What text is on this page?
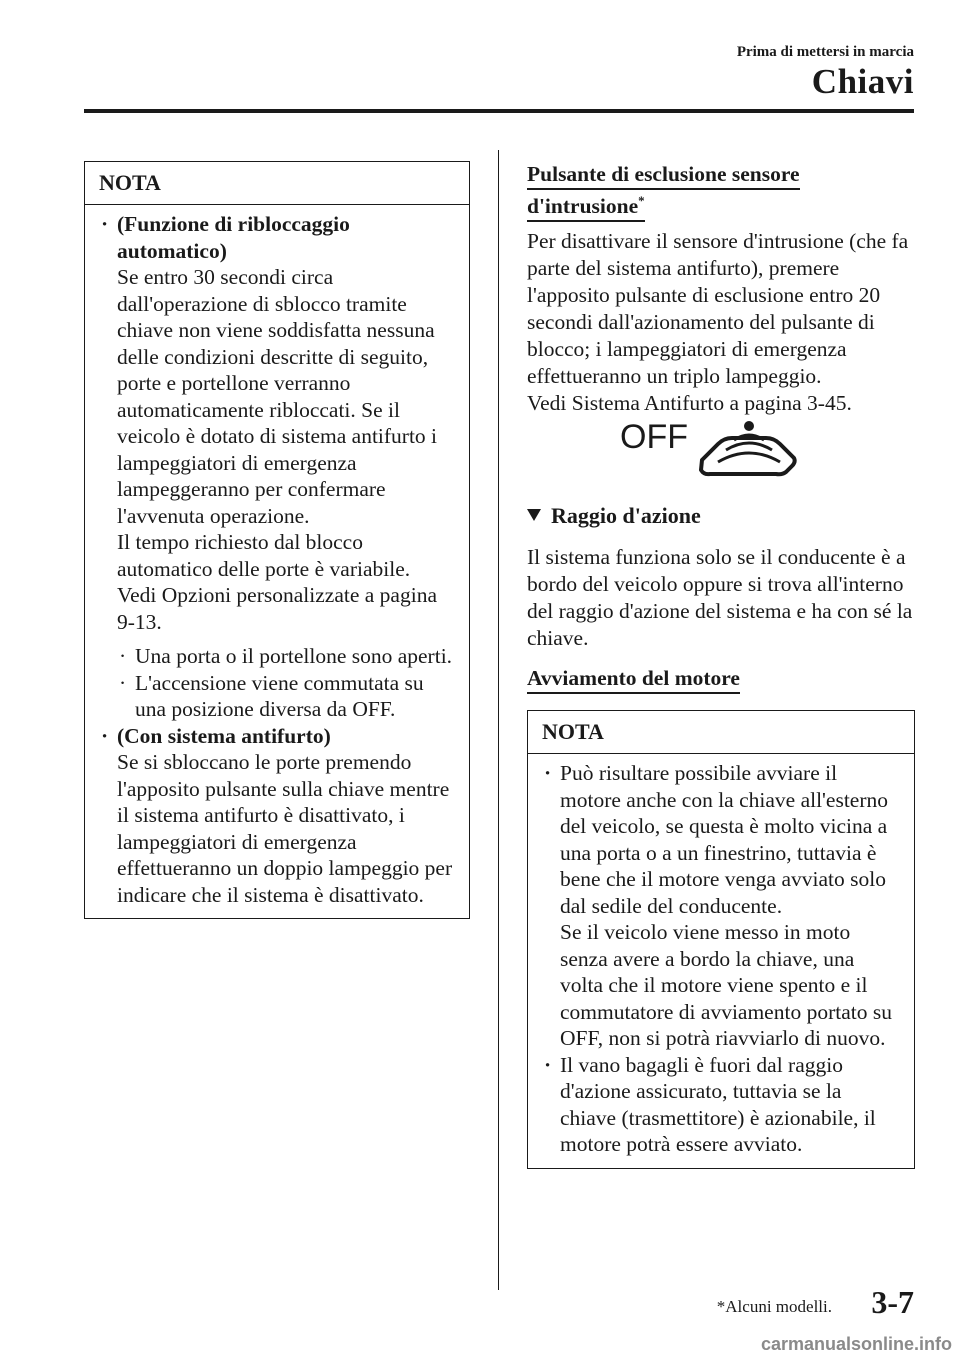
Prima di mettersi in marcia
Chiavi
NOTA
· (Funzione di ribloccaggio automatico)
Se entro 30 secondi circa dall'operazione di sblocco tramite chiave non viene soddisfatta nessuna delle condizioni descritte di seguito, porte e portellone verranno automaticamente ribloccati. Se il veicolo è dotato di sistema antifurto i lampeggiatori di emergenza lampeggeranno per confermare l'avvenuta operazione.
Il tempo richiesto dal blocco automatico delle porte è variabile.
Vedi Opzioni personalizzate a pagina 9-13.
· Una porta o il portellone sono aperti.
· L'accensione viene commutata su una posizione diversa da OFF.
· (Con sistema antifurto)
Se si sbloccano le porte premendo l'apposito pulsante sulla chiave mentre il sistema antifurto è disattivato, i lampeggiatori di emergenza effettueranno un doppio lampeggio per indicare che il sistema è disattivato.
Pulsante di esclusione sensore
d'intrusione*
Per disattivare il sensore d'intrusione (che fa parte del sistema antifurto), premere l'apposito pulsante di esclusione entro 20 secondi dall'azionamento del pulsante di blocco; i lampeggiatori di emergenza effettueranno un triplo lampeggio.
Vedi Sistema Antifurto a pagina 3-45.
OFF
Raggio d'azione
Il sistema funziona solo se il conducente è a bordo del veicolo oppure si trova all'interno del raggio d'azione del sistema e ha con sé la chiave.
Avviamento del motore
NOTA
· Può risultare possibile avviare il motore anche con la chiave all'esterno del veicolo, se questa è molto vicina a una porta o a un finestrino, tuttavia è bene che il motore venga avviato solo dal sedile del conducente.
Se il veicolo viene messo in moto senza avere a bordo la chiave, una volta che il motore viene spento e il commutatore di avviamento portato su OFF, non si potrà riavviarlo di nuovo.
· Il vano bagagli è fuori dal raggio d'azione assicurato, tuttavia se la chiave (trasmettitore) è azionabile, il motore potrà essere avviato.
*Alcuni modelli. 3-7
carmanualsonline.info
